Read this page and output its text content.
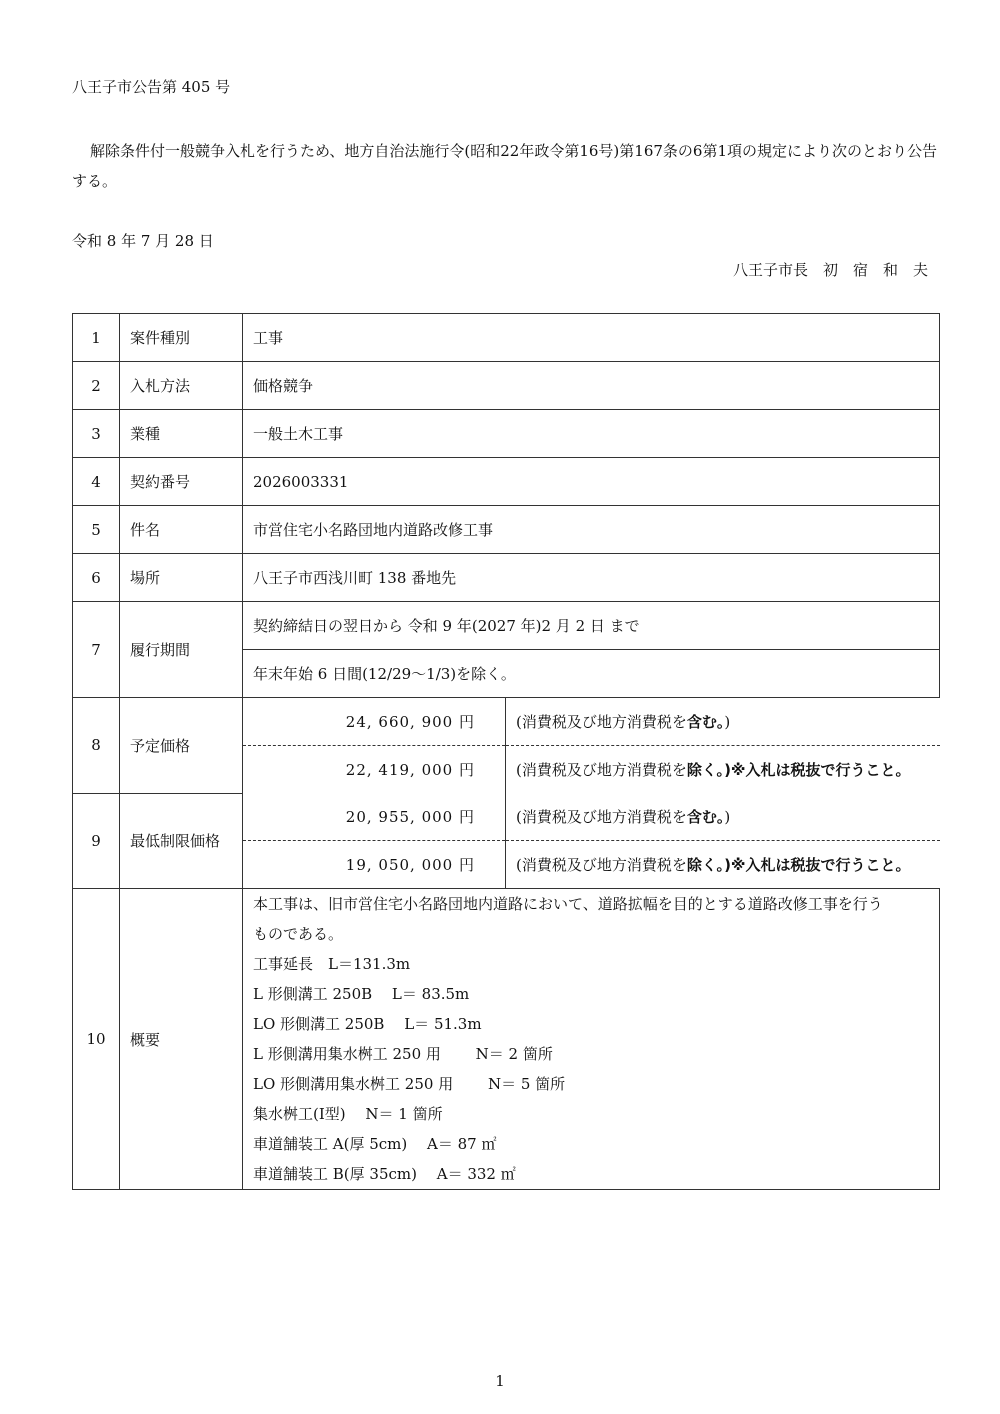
八王子市公告第 405 号
解除条件付一般競争入札を行うため、地方自治法施行令(昭和22年政令第16号)第167条の6第1項の規定により次のとおり公告する。
令和 8 年 7 月 28 日
八王子市長　初　宿　和　夫
1	案件種別	工事
2	入札方法	価格競争
3	業種	一般土木工事
4	契約番号	2026003331
5	件名	市営住宅小名路団地内道路改修工事
6	場所	八王子市西浅川町 138 番地先
7	履行期間	契約締結日の翌日から 令和 9 年(2027 年)2 月 2 日 まで
年末年始 6 日間(12/29～1/3)を除く。
8	予定価格	
24, 660, 900 円	(消費税及び地方消費税を含む。)
22, 419, 000 円	(消費税及び地方消費税を除く。)※入札は税抜で行うこと。

9	最低制限価格	
20, 955, 000 円	(消費税及び地方消費税を含む。)
19, 050, 000 円	(消費税及び地方消費税を除く。)※入札は税抜で行うこと。

10	概要	
本工事は、旧市営住宅小名路団地内道路において、道路拡幅を目的とする道路改修工事を行う
ものである。
工事延長　L＝131.3m
L 形側溝工 250B　 L＝ 83.5m
LO 形側溝工 250B　 L＝ 51.3m
L 形側溝用集水桝工 250 用　　 N＝ 2 箇所
LO 形側溝用集水桝工 250 用　　 N＝ 5 箇所
集水桝工(Ⅰ型)　 N＝ 1 箇所
車道舗装工 A(厚 5cm)　 A＝ 87 ㎡
車道舗装工 B(厚 35cm)　 A＝ 332 ㎡
1
